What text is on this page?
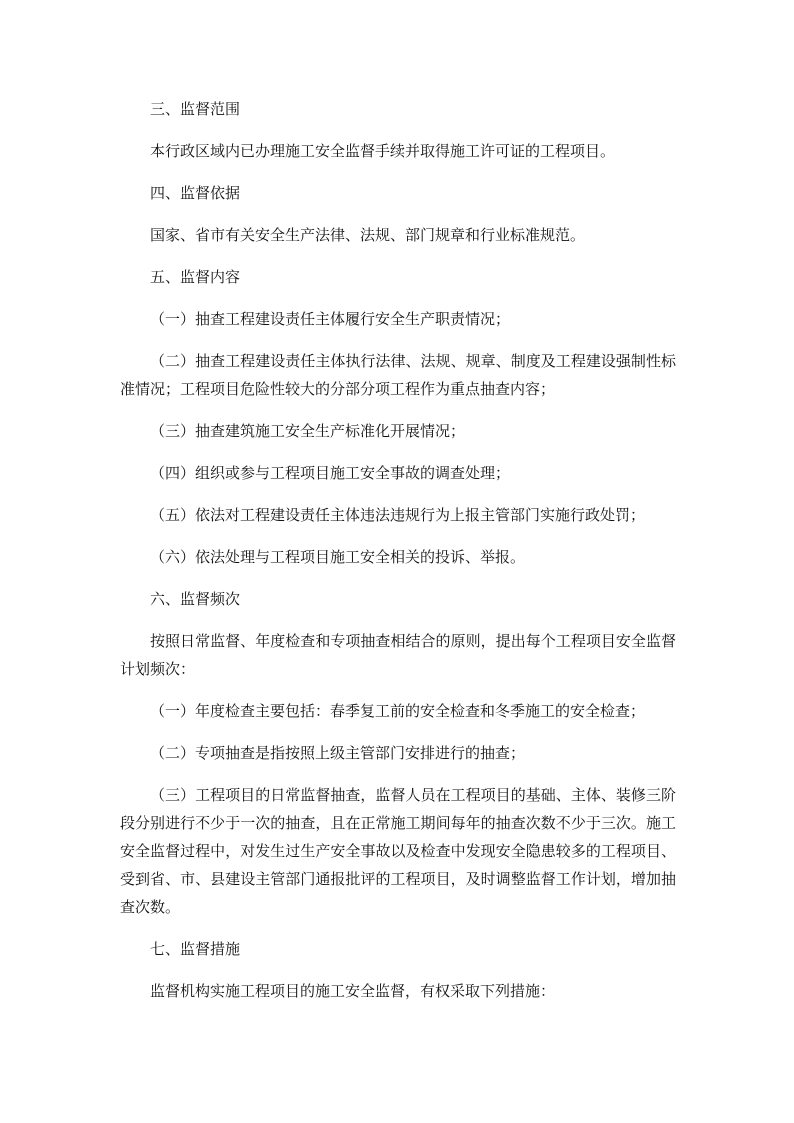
三、监督范围

本行政区域内已办理施工安全监督手续并取得施工许可证的工程项目。

四、监督依据

国家、省市有关安全生产法律、法规、部门规章和行业标准规范。

五、监督内容

（一）抽查工程建设责任主体履行安全生产职责情况；

（二）抽查工程建设责任主体执行法律、法规、规章、制度及工程建设强制性标准情况；工程项目危险性较大的分部分项工程作为重点抽查内容；

（三）抽查建筑施工安全生产标准化开展情况；

（四）组织或参与工程项目施工安全事故的调查处理；

（五）依法对工程建设责任主体违法违规行为上报主管部门实施行政处罚；

（六）依法处理与工程项目施工安全相关的投诉、举报。

六、监督频次

按照日常监督、年度检查和专项抽查相结合的原则，提出每个工程项目安全监督计划频次：

（一）年度检查主要包括：春季复工前的安全检查和冬季施工的安全检查；

（二）专项抽查是指按照上级主管部门安排进行的抽查；

（三）工程项目的日常监督抽查，监督人员在工程项目的基础、主体、装修三阶段分别进行不少于一次的抽查，且在正常施工期间每年的抽查次数不少于三次。施工安全监督过程中，对发生过生产安全事故以及检查中发现安全隐患较多的工程项目、受到省、市、县建设主管部门通报批评的工程项目，及时调整监督工作计划，增加抽查次数。

七、监督措施

监督机构实施工程项目的施工安全监督，有权采取下列措施：
